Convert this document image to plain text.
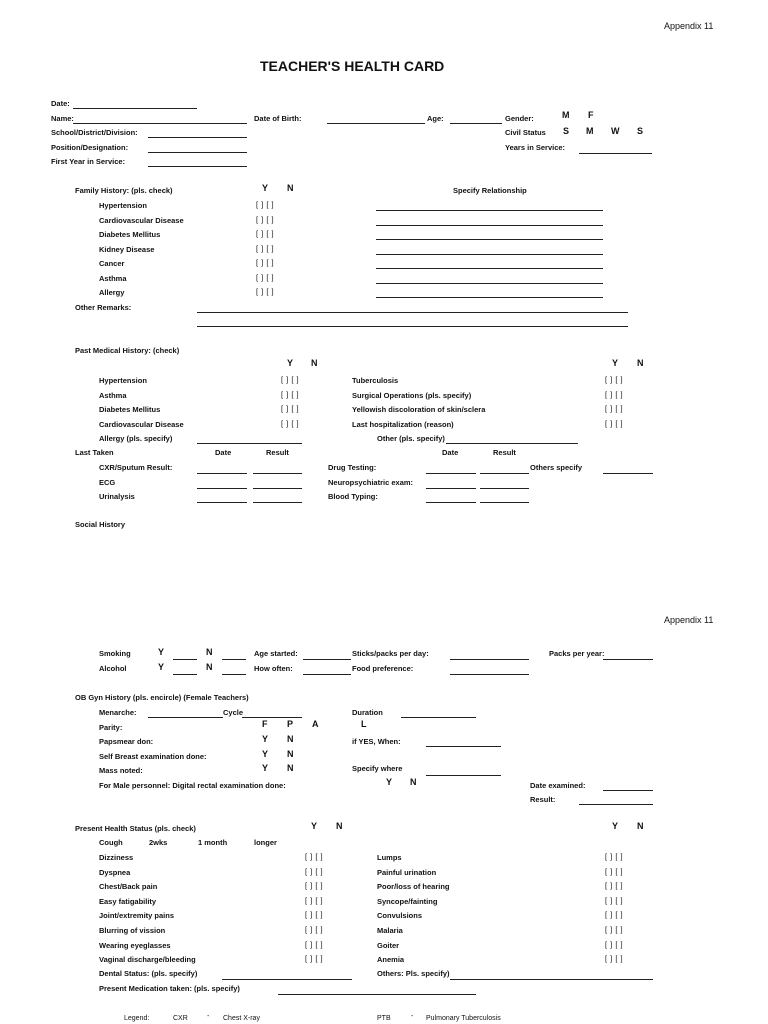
Appendix 11
TEACHER'S HEALTH CARD
Date:
Name:
School/District/Division:
Position/Designation:
First Year in Service:
Date of Birth:	Age:	Gender:	M F
Civil Status S M W S
Years in Service:
Family History: (pls. check)	Y N	Specify Relationship
Hypertension	[ ] [ ]
Cardiovascular Disease	[ ] [ ]
Diabetes Mellitus	[ ] [ ]
Kidney Disease	[ ] [ ]
Cancer	[ ] [ ]
Asthma	[ ] [ ]
Allergy	[ ] [ ]
Other Remarks:
Past Medical History: (check)
Y N	Y N
Hypertension	[ ] [ ]
Asthma	[ ] [ ]
Diabetes Mellitus	[ ] [ ]
Cardiovascular Disease	[ ] [ ]
Tuberculosis	[ ] [ ]
Surgical Operations (pls. specify)	[ ] [ ]
Yellowish discoloration of skin/sclera	[ ] [ ]
Last hospitalization (reason)	[ ] [ ]
Allergy (pls. specify)	Other (pls. specify)
Last Taken	Date	Result	Date	Result
CXR/Sputum Result:
ECG
Urinalysis
Drug Testing:
Neuropsychiatric exam:
Blood Typing:
Others specify
Social History
Appendix 11
Smoking	Y	N	Age started:	Sticks/packs per day:	Packs per year:
Alcohol	Y	N	How often:	Food preference:
OB Gyn History (pls. encircle) (Female Teachers)
Menarche:	Cycle	Duration
Parity:	F P A	L
Papsmear don:	Y N	if YES, When:
Self Breast examination done:	Y N
Mass noted:	Y N	Specify where
For Male personnel: Digital rectal examination done:	Y N	Date examined:
Result:
Present Health Status (pls. check)	Y N	Y N
Cough	2wks	1 month	longer
Dizziness	[ ] [ ]
Dyspnea	[ ] [ ]
Chest/Back pain	[ ] [ ]
Easy fatigability	[ ] [ ]
Joint/extremity pains	[ ] [ ]
Blurring of vission	[ ] [ ]
Wearing eyeglasses	[ ] [ ]
Vaginal discharge/bleeding	[ ] [ ]
Lumps	[ ] [ ]
Painful urination	[ ] [ ]
Poor/loss of hearing	[ ] [ ]
Syncope/fainting	[ ] [ ]
Convulsions	[ ] [ ]
Malaria	[ ] [ ]
Goiter	[ ] [ ]
Anemia	[ ] [ ]
Dental Status: (pls. specify)	Others: Pls. specify)
Present Medication taken: (pls. specify)
Legend:	CXR	- Chest X-ray	PTB	- Pulmonary Tuberculosis
